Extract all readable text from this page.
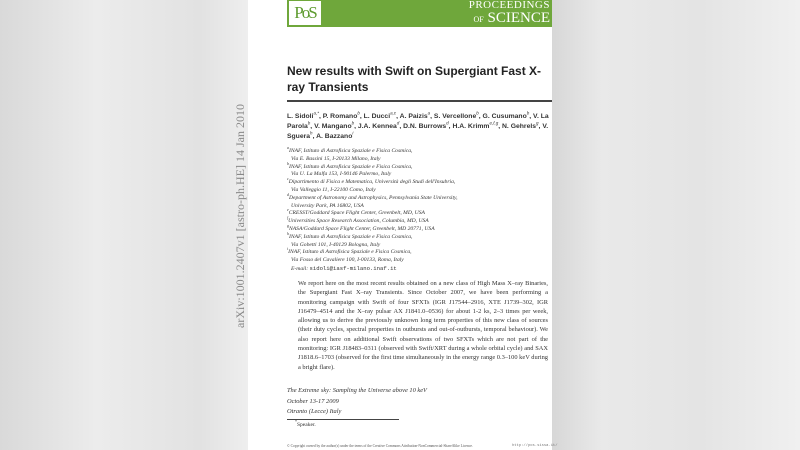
PROCEEDINGS
OF SCIENCE
PoS
arXiv:1001.2407v1 [astro-ph.HE] 14 Jan 2010
New results with Swift on Supergiant Fast X-ray Transients
L. Sidoli$^{a,*}$, P. Romano$^b$, L. Ducci$^{a,c}$, A. Paizis$^a$, S. Vercellone$^b$, G. Cusumano$^b$, V. La Parola$^b$, V. Mangano$^b$, J.A. Kennea$^d$, D.N. Burrows$^d$, H.A. Krimm$^{e,f,g}$, N. Gehrels$^g$, V. Sguera$^h$, A. Bazzano$^i$
$^a$INAF, Istituto di Astrofisica Spaziale e Fisica Cosmica,
Via E. Bassini 15, I-20133 Milano, Italy
$^b$INAF, Istituto di Astrofisica Spaziale e Fisica Cosmica,
Via U. La Malfa 153, I-90146 Palermo, Italy
$^c$Dipartimento di Fisica e Matematica, Università degli Studi dell'Insubria,
Via Valleggio 11, I-22100 Como, Italy
$^d$Department of Astronomy and Astrophysics, Pennsylvania State University,
University Park, PA 16802, USA
$^e$CRESST/Goddard Space Flight Center, Greenbelt, MD, USA
$^f$Universities Space Research Association, Columbia, MD, USA
$^g$NASA/Goddard Space Flight Center, Greenbelt, MD 20771, USA
$^h$INAF, Istituto di Astrofisica Spaziale e Fisica Cosmica,
Via Gobetti 101, I-40129 Bologna, Italy
$^i$INAF, Istituto di Astrofisica Spaziale e Fisica Cosmica,
Via Fosso del Cavaliere 100, I-00133, Roma, Italy
E-mail: sidoli@iasf-milano.inaf.it
We report here on the most recent results obtained on a new class of High Mass X–ray Binaries, the Supergiant Fast X–ray Transients. Since October 2007, we have been performing a monitoring campaign with Swift of four SFXTs (IGR J17544–2916, XTE J1739–302, IGR J16479–4514 and the X–ray pulsar AX J1841.0–0536) for about 1-2 ks, 2–3 times per week, allowing us to derive the previously unknown long term properties of this new class of sources (their duty cycles, spectral properties in outbursts and out-of-outbursts, temporal behaviour). We also report here on additional Swift observations of two SFXTs which are not part of the monitoring: IGR J18483–0311 (observed with Swift/XRT during a whole orbital cycle) and SAX J1818.6–1703 (observed for the first time simultaneously in the energy range 0.3–100 keV during a bright flare).
The Extreme sky: Sampling the Universe above 10 keV
October 13-17 2009
Otranto (Lecce) Italy
*Speaker.
© Copyright owned by the author(s) under the terms of the Creative Commons Attribution-NonCommercial-ShareAlike Licence.	http://pos.sissa.it/
